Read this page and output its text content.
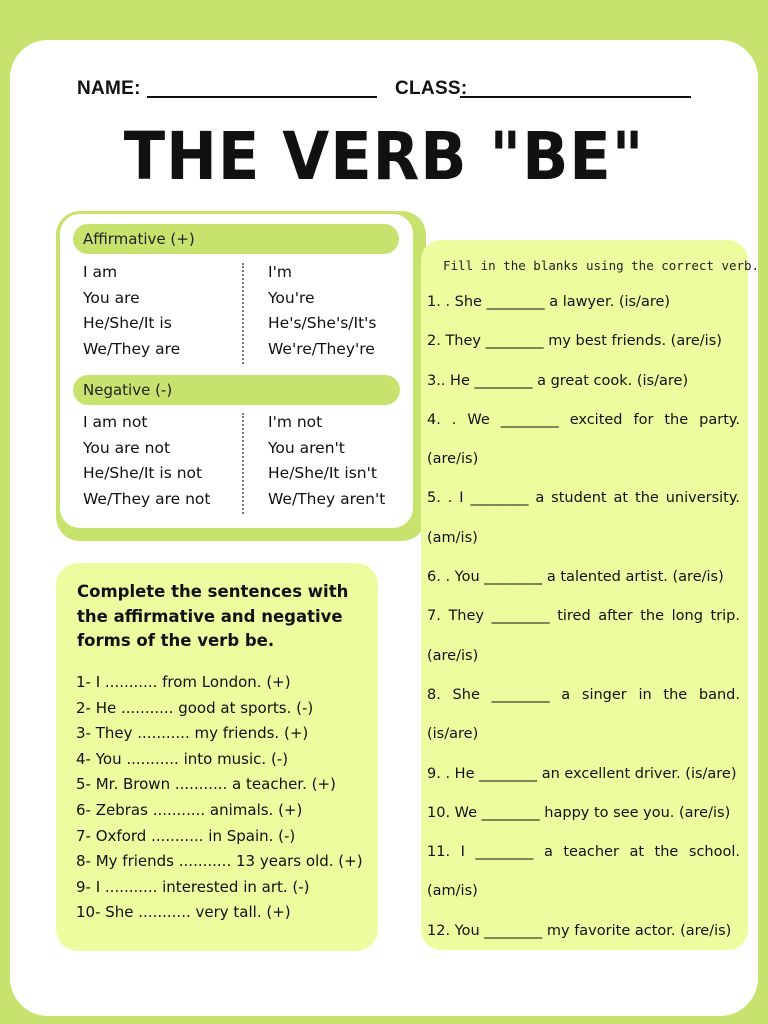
NAME:	CLASS:
THE VERB "BE"
Affirmative (+)
I am
You are
He/She/It is
We/They are
I'm
You're
He's/She's/It's
We're/They're
Negative (-)
I am not
You are not
He/She/It is not
We/They are not
I'm not
You aren't
He/She/It isn't
We/They aren't
Complete the sentences with the affirmative and negative forms of the verb be.
1- I ........... from London. (+)
2- He ........... good at sports. (-)
3- They ........... my friends. (+)
4- You ........... into music. (-)
5- Mr. Brown ........... a teacher. (+)
6- Zebras ........... animals. (+)
7- Oxford ........... in Spain. (-)
8- My friends ........... 13 years old. (+)
9- I ........... interested in art. (-)
10- She ........... very tall. (+)
Fill in the blanks using the correct verb.
1. . She ________ a lawyer. (is/are)
2. They ________ my best friends. (are/is)
3.. He ________ a great cook. (is/are)
4. . We ________ excited for the party. (are/is)
5. . I ________ a student at the university. (am/is)
6. . You ________ a talented artist. (are/is)
7. They ________ tired after the long trip. (are/is)
8. She ________ a singer in the band. (is/are)
9. . He ________ an excellent driver. (is/are)
10. We ________ happy to see you. (are/is)
11. I ________ a teacher at the school. (am/is)
12. You ________ my favorite actor. (are/is)
